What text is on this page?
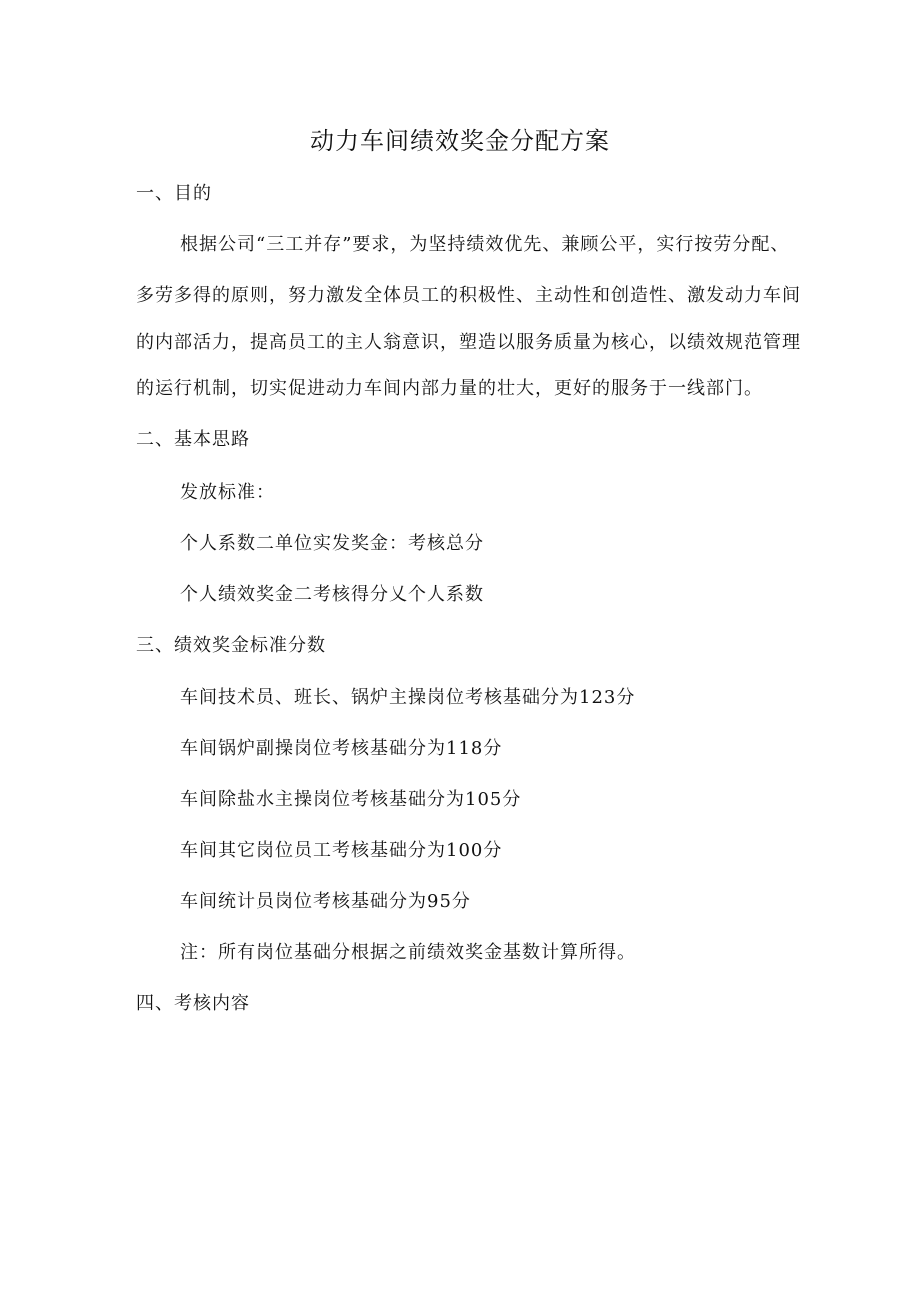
动力车间绩效奖金分配方案
一、目的
根据公司“三工并存”要求，为坚持绩效优先、兼顾公平，实行按劳分配、
多劳多得的原则，努力激发全体员工的积极性、主动性和创造性、激发动力车间
的内部活力，提高员工的主人翁意识，塑造以服务质量为核心，以绩效规范管理
的运行机制，切实促进动力车间内部力量的壮大，更好的服务于一线部门。
二、基本思路
发放标准：
个人系数二单位实发奖金：考核总分
个人绩效奖金二考核得分乂个人系数
三、绩效奖金标准分数
车间技术员、班长、锅炉主操岗位考核基础分为123分
车间锅炉副操岗位考核基础分为118分
车间除盐水主操岗位考核基础分为105分
车间其它岗位员工考核基础分为100分
车间统计员岗位考核基础分为95分
注：所有岗位基础分根据之前绩效奖金基数计算所得。
四、考核内容
